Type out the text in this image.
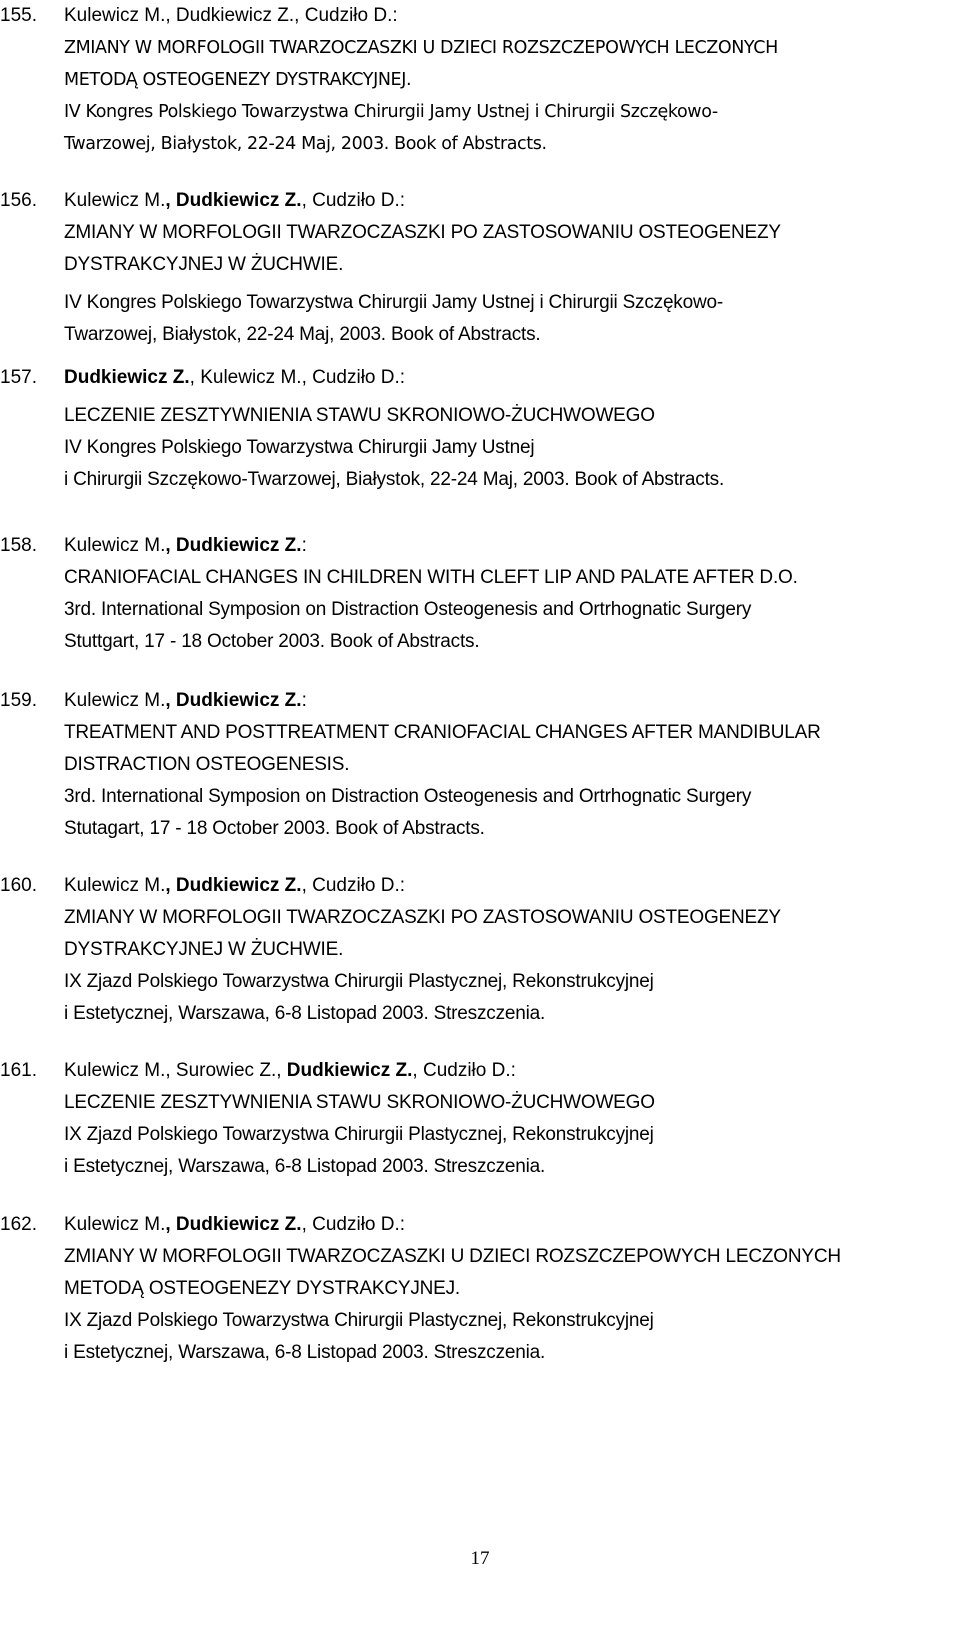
155. Kulewicz M., Dudkiewicz Z., Cudziło D.:

ZMIANY W MORFOLOGII TWARZOCZASZKI U DZIECI ROZSZCZEPOWYCH LECZONYCH

METODĄ OSTEOGENEZY DYSTRAKCYJNEJ.

IV Kongres Polskiego Towarzystwa Chirurgii Jamy Ustnej i Chirurgii Szczękowo-

Twarzowej, Białystok, 22-24 Maj, 2003. Book of Abstracts.

156. Kulewicz M., Dudkiewicz Z., Cudziło D.:

ZMIANY W MORFOLOGII TWARZOCZASZKI PO ZASTOSOWANIU OSTEOGENEZY

DYSTRAKCYJNEJ W ŻUCHWIE.

IV Kongres Polskiego Towarzystwa Chirurgii Jamy Ustnej i Chirurgii Szczękowo-

Twarzowej, Białystok, 22-24 Maj, 2003. Book of Abstracts.

157. Dudkiewicz Z., Kulewicz M., Cudziło D.:

LECZENIE ZESZTYWNIENIA STAWU SKRONIOWO-ŻUCHWOWEGO

IV Kongres Polskiego Towarzystwa Chirurgii Jamy Ustnej

i Chirurgii Szczękowo-Twarzowej, Białystok, 22-24 Maj, 2003. Book of Abstracts.

158. Kulewicz M., Dudkiewicz Z.:

CRANIOFACIAL CHANGES IN CHILDREN WITH CLEFT LIP AND PALATE AFTER D.O.

3rd. International Symposion on Distraction Osteogenesis and Ortrhognatic Surgery

Stuttgart, 17 - 18 October 2003. Book of Abstracts.

159. Kulewicz M., Dudkiewicz Z.:

TREATMENT AND POSTTREATMENT CRANIOFACIAL CHANGES AFTER MANDIBULAR

DISTRACTION OSTEOGENESIS.

3rd. International Symposion on Distraction Osteogenesis and Ortrhognatic Surgery

Stutagart, 17 - 18 October 2003. Book of Abstracts.

160. Kulewicz M., Dudkiewicz Z., Cudziło D.:

ZMIANY W MORFOLOGII TWARZOCZASZKI PO ZASTOSOWANIU OSTEOGENEZY

DYSTRAKCYJNEJ W ŻUCHWIE.

IX Zjazd Polskiego Towarzystwa Chirurgii Plastycznej, Rekonstrukcyjnej

i Estetycznej, Warszawa, 6-8 Listopad 2003. Streszczenia.

161. Kulewicz M., Surowiec Z., Dudkiewicz Z., Cudziło D.:

LECZENIE ZESZTYWNIENIA STAWU SKRONIOWO-ŻUCHWOWEGO

IX Zjazd Polskiego Towarzystwa Chirurgii Plastycznej, Rekonstrukcyjnej

i Estetycznej, Warszawa, 6-8 Listopad 2003. Streszczenia.

162. Kulewicz M., Dudkiewicz Z., Cudziło D.:

ZMIANY W MORFOLOGII TWARZOCZASZKI U DZIECI ROZSZCZEPOWYCH LECZONYCH

METODĄ OSTEOGENEZY DYSTRAKCYJNEJ.

IX Zjazd Polskiego Towarzystwa Chirurgii Plastycznej, Rekonstrukcyjnej

i Estetycznej, Warszawa, 6-8 Listopad 2003. Streszczenia.

17
